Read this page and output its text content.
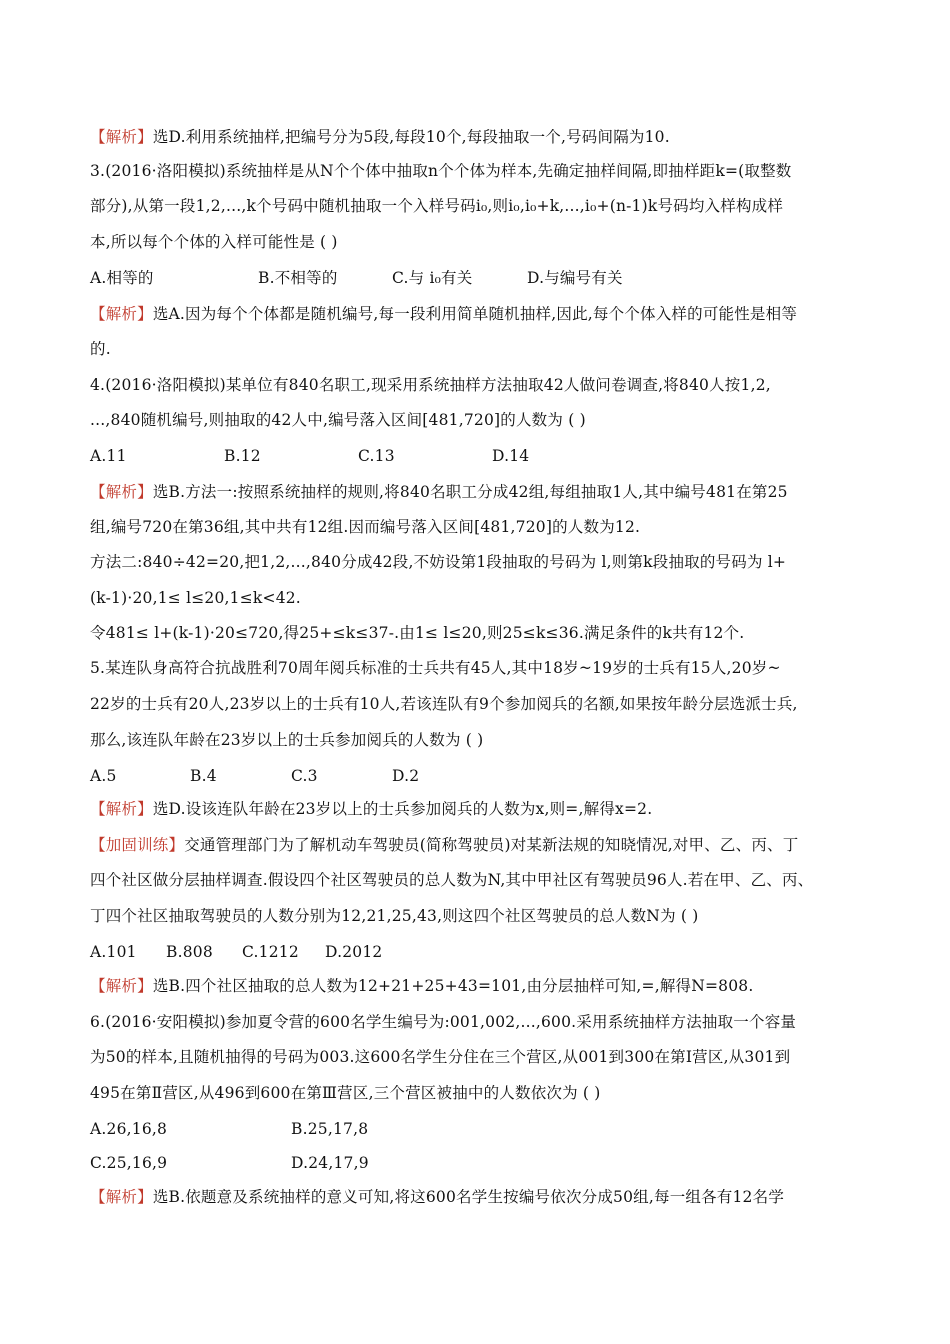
【解析】选D.利用系统抽样,把编号分为5段,每段10个,每段抽取一个,号码间隔为10.
3.(2016·洛阳模拟)系统抽样是从N个个体中抽取n个个体为样本,先确定抽样间隔,即抽样距k=(取整数
部分),从第一段1,2,...,k个号码中随机抽取一个入样号码i₀,则i₀,i₀+k,...,i₀+(n-1)k号码均入样构成样
本,所以每个个体的入样可能性是 ( )
A.相等的	B.不相等的	C.与 i₀有关	D.与编号有关
【解析】选A.因为每个个体都是随机编号,每一段利用简单随机抽样,因此,每个个体入样的可能性是相等
的.
4.(2016·洛阳模拟)某单位有840名职工,现采用系统抽样方法抽取42人做问卷调查,将840人按1,2,
...,840随机编号,则抽取的42人中,编号落入区间[481,720]的人数为 ( )
A.11	B.12	C.13	D.14
【解析】选B.方法一:按照系统抽样的规则,将840名职工分成42组,每组抽取1人,其中编号481在第25
组,编号720在第36组,其中共有12组.因而编号落入区间[481,720]的人数为12.
方法二:840÷42=20,把1,2,...,840分成42段,不妨设第1段抽取的号码为 l,则第k段抽取的号码为 l+
(k-1)·20,1≤ l≤20,1≤k<42.
令481≤ l+(k-1)·20≤720,得25+≤k≤37-.由1≤ l≤20,则25≤k≤36.满足条件的k共有12个.
5.某连队身高符合抗战胜利70周年阅兵标准的士兵共有45人,其中18岁~19岁的士兵有15人,20岁~
22岁的士兵有20人,23岁以上的士兵有10人,若该连队有9个参加阅兵的名额,如果按年龄分层选派士兵,
那么,该连队年龄在23岁以上的士兵参加阅兵的人数为 ( )
A.5	B.4	C.3	D.2
【解析】选D.设该连队年龄在23岁以上的士兵参加阅兵的人数为x,则=,解得x=2.
【加固训练】交通管理部门为了解机动车驾驶员(简称驾驶员)对某新法规的知晓情况,对甲、乙、丙、丁
四个社区做分层抽样调查.假设四个社区驾驶员的总人数为N,其中甲社区有驾驶员96人.若在甲、乙、丙、
丁四个社区抽取驾驶员的人数分别为12,21,25,43,则这四个社区驾驶员的总人数N为 ( )
A.101 B.808 C.1212 D.2012
【解析】选B.四个社区抽取的总人数为12+21+25+43=101,由分层抽样可知,=,解得N=808.
6.(2016·安阳模拟)参加夏令营的600名学生编号为:001,002,...,600.采用系统抽样方法抽取一个容量
为50的样本,且随机抽得的号码为003.这600名学生分住在三个营区,从001到300在第Ⅰ营区,从301到
495在第Ⅱ营区,从496到600在第Ⅲ营区,三个营区被抽中的人数依次为 ( )
A.26,16,8	B.25,17,8
C.25,16,9	D.24,17,9
【解析】选B.依题意及系统抽样的意义可知,将这600名学生按编号依次分成50组,每一组各有12名学
